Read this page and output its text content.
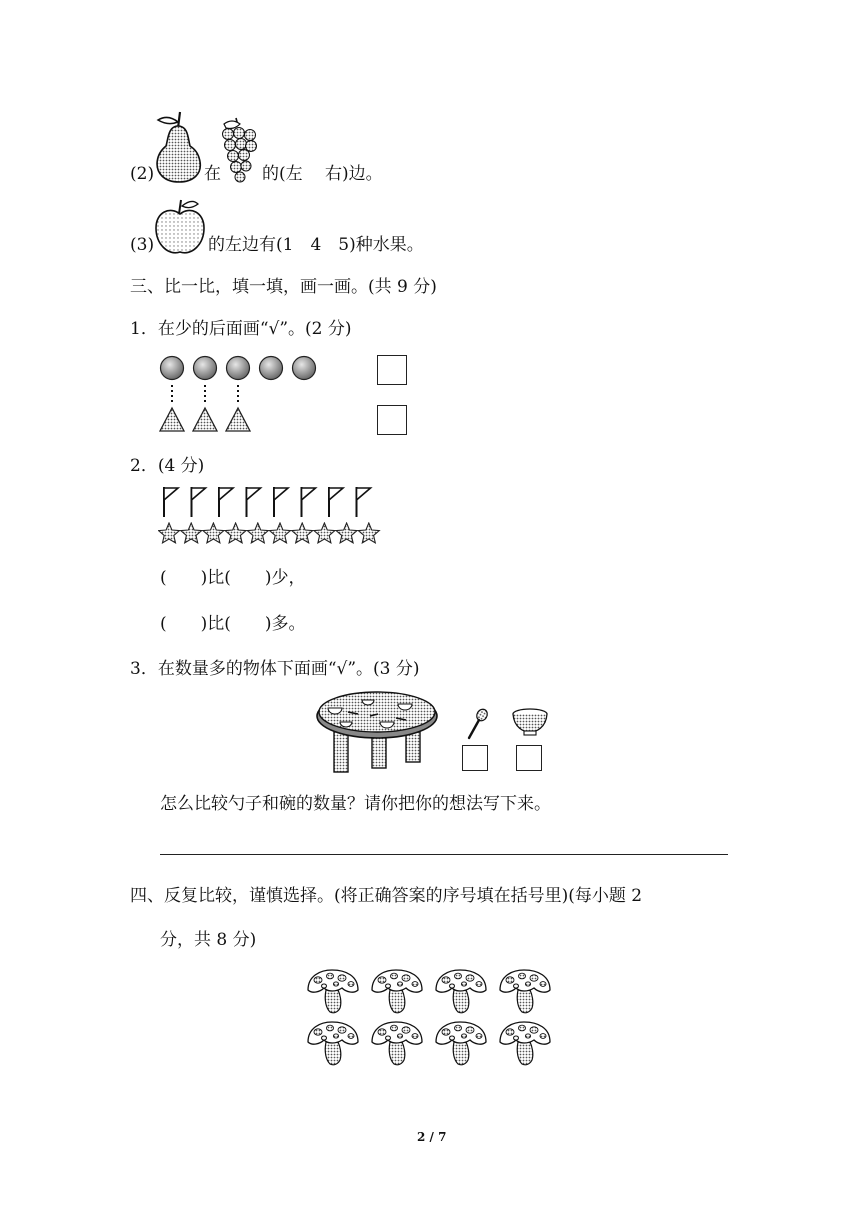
(2)	在 的(左　 右)边。
(3)	的左边有(1　4　5)种水果。
三、比一比，填一填，画一画。(共 9 分)
1．在少的后面画“√”。(2 分)
2．(4 分)
(　　)比(　　)少，
(　　)比(　　)多。
3．在数量多的物体下面画“√”。(3 分)
怎么比较勺子和碗的数量？请你把你的想法写下来。
四、反复比较，谨慎选择。(将正确答案的序号填在括号里)(每小题 2
分，共 8 分)
2 / 7
